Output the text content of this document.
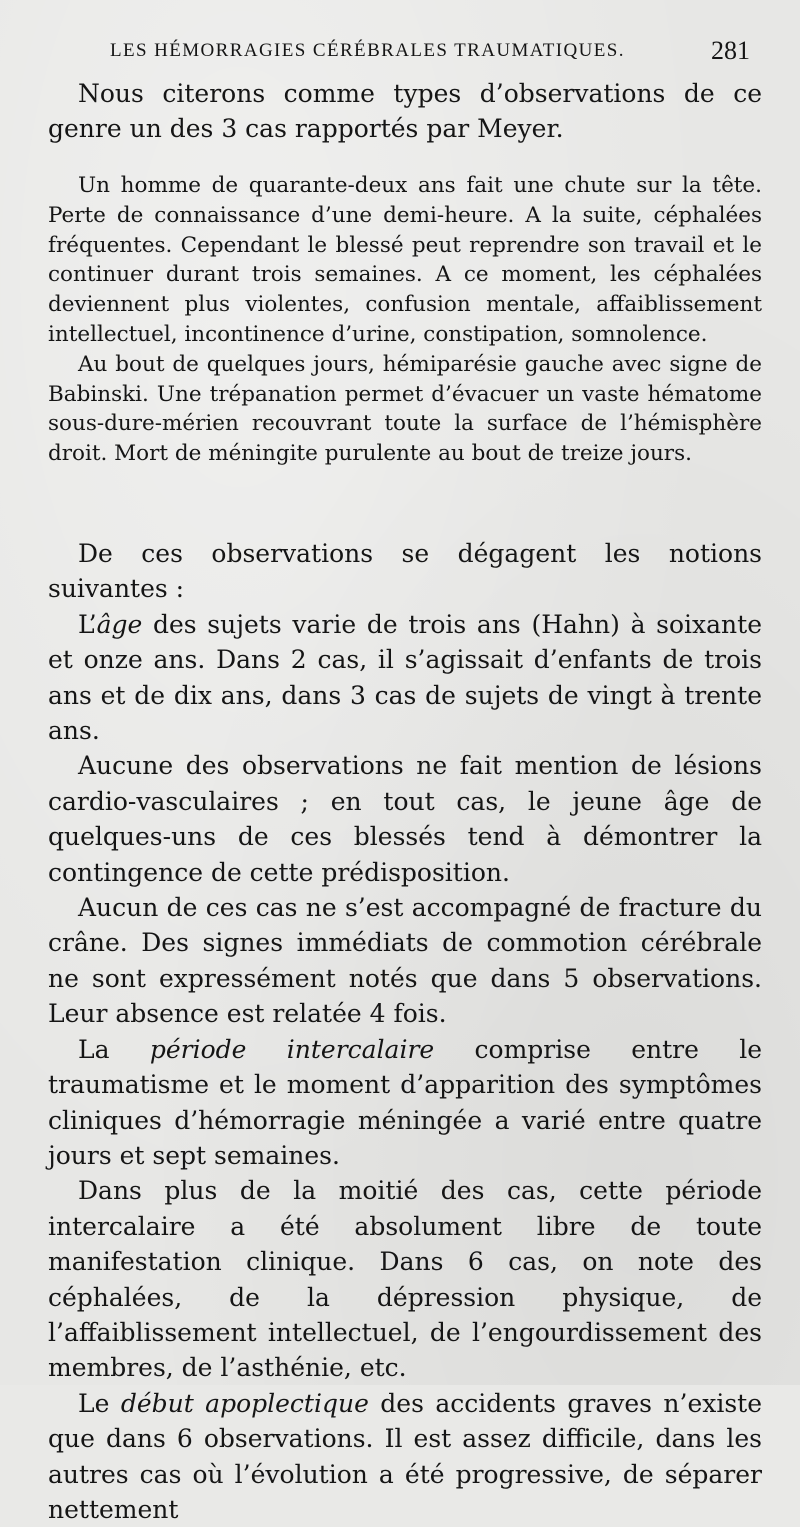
LES HÉMORRAGIES CÉRÉBRALES TRAUMATIQUES.	281

Nous citerons comme types d’observations de ce genre un des 3 cas rapportés par Meyer.

Un homme de quarante-deux ans fait une chute sur la tête. Perte de connaissance d’une demi-heure. A la suite, céphalées fréquentes. Cependant le blessé peut reprendre son travail et le continuer durant trois semaines. A ce moment, les céphalées deviennent plus violentes, confusion mentale, affaiblissement intellectuel, incontinence d’urine, constipation, somnolence.

Au bout de quelques jours, hémiparésie gauche avec signe de Babinski. Une trépanation permet d’évacuer un vaste hématome sous-dure-mérien recouvrant toute la surface de l’hémisphère droit. Mort de méningite purulente au bout de treize jours.

De ces observations se dégagent les notions suivantes :

L’âge des sujets varie de trois ans (Hahn) à soixante et onze ans. Dans 2 cas, il s’agissait d’enfants de trois ans et de dix ans, dans 3 cas de sujets de vingt à trente ans.

Aucune des observations ne fait mention de lésions cardio-vasculaires ; en tout cas, le jeune âge de quelques-uns de ces blessés tend à démontrer la contingence de cette prédisposition.

Aucun de ces cas ne s’est accompagné de fracture du crâne. Des signes immédiats de commotion cérébrale ne sont expressément notés que dans 5 observations. Leur absence est relatée 4 fois.

La période intercalaire comprise entre le traumatisme et le moment d’apparition des symptômes cliniques d’hémorragie méningée a varié entre quatre jours et sept semaines.

Dans plus de la moitié des cas, cette période intercalaire a été absolument libre de toute manifestation clinique. Dans 6 cas, on note des céphalées, de la dépression physique, de l’affaiblissement intellectuel, de l’engourdissement des membres, de l’asthénie, etc.

Le début apoplectique des accidents graves n’existe que dans 6 observations. Il est assez difficile, dans les autres cas où l’évolution a été progressive, de séparer nettement
